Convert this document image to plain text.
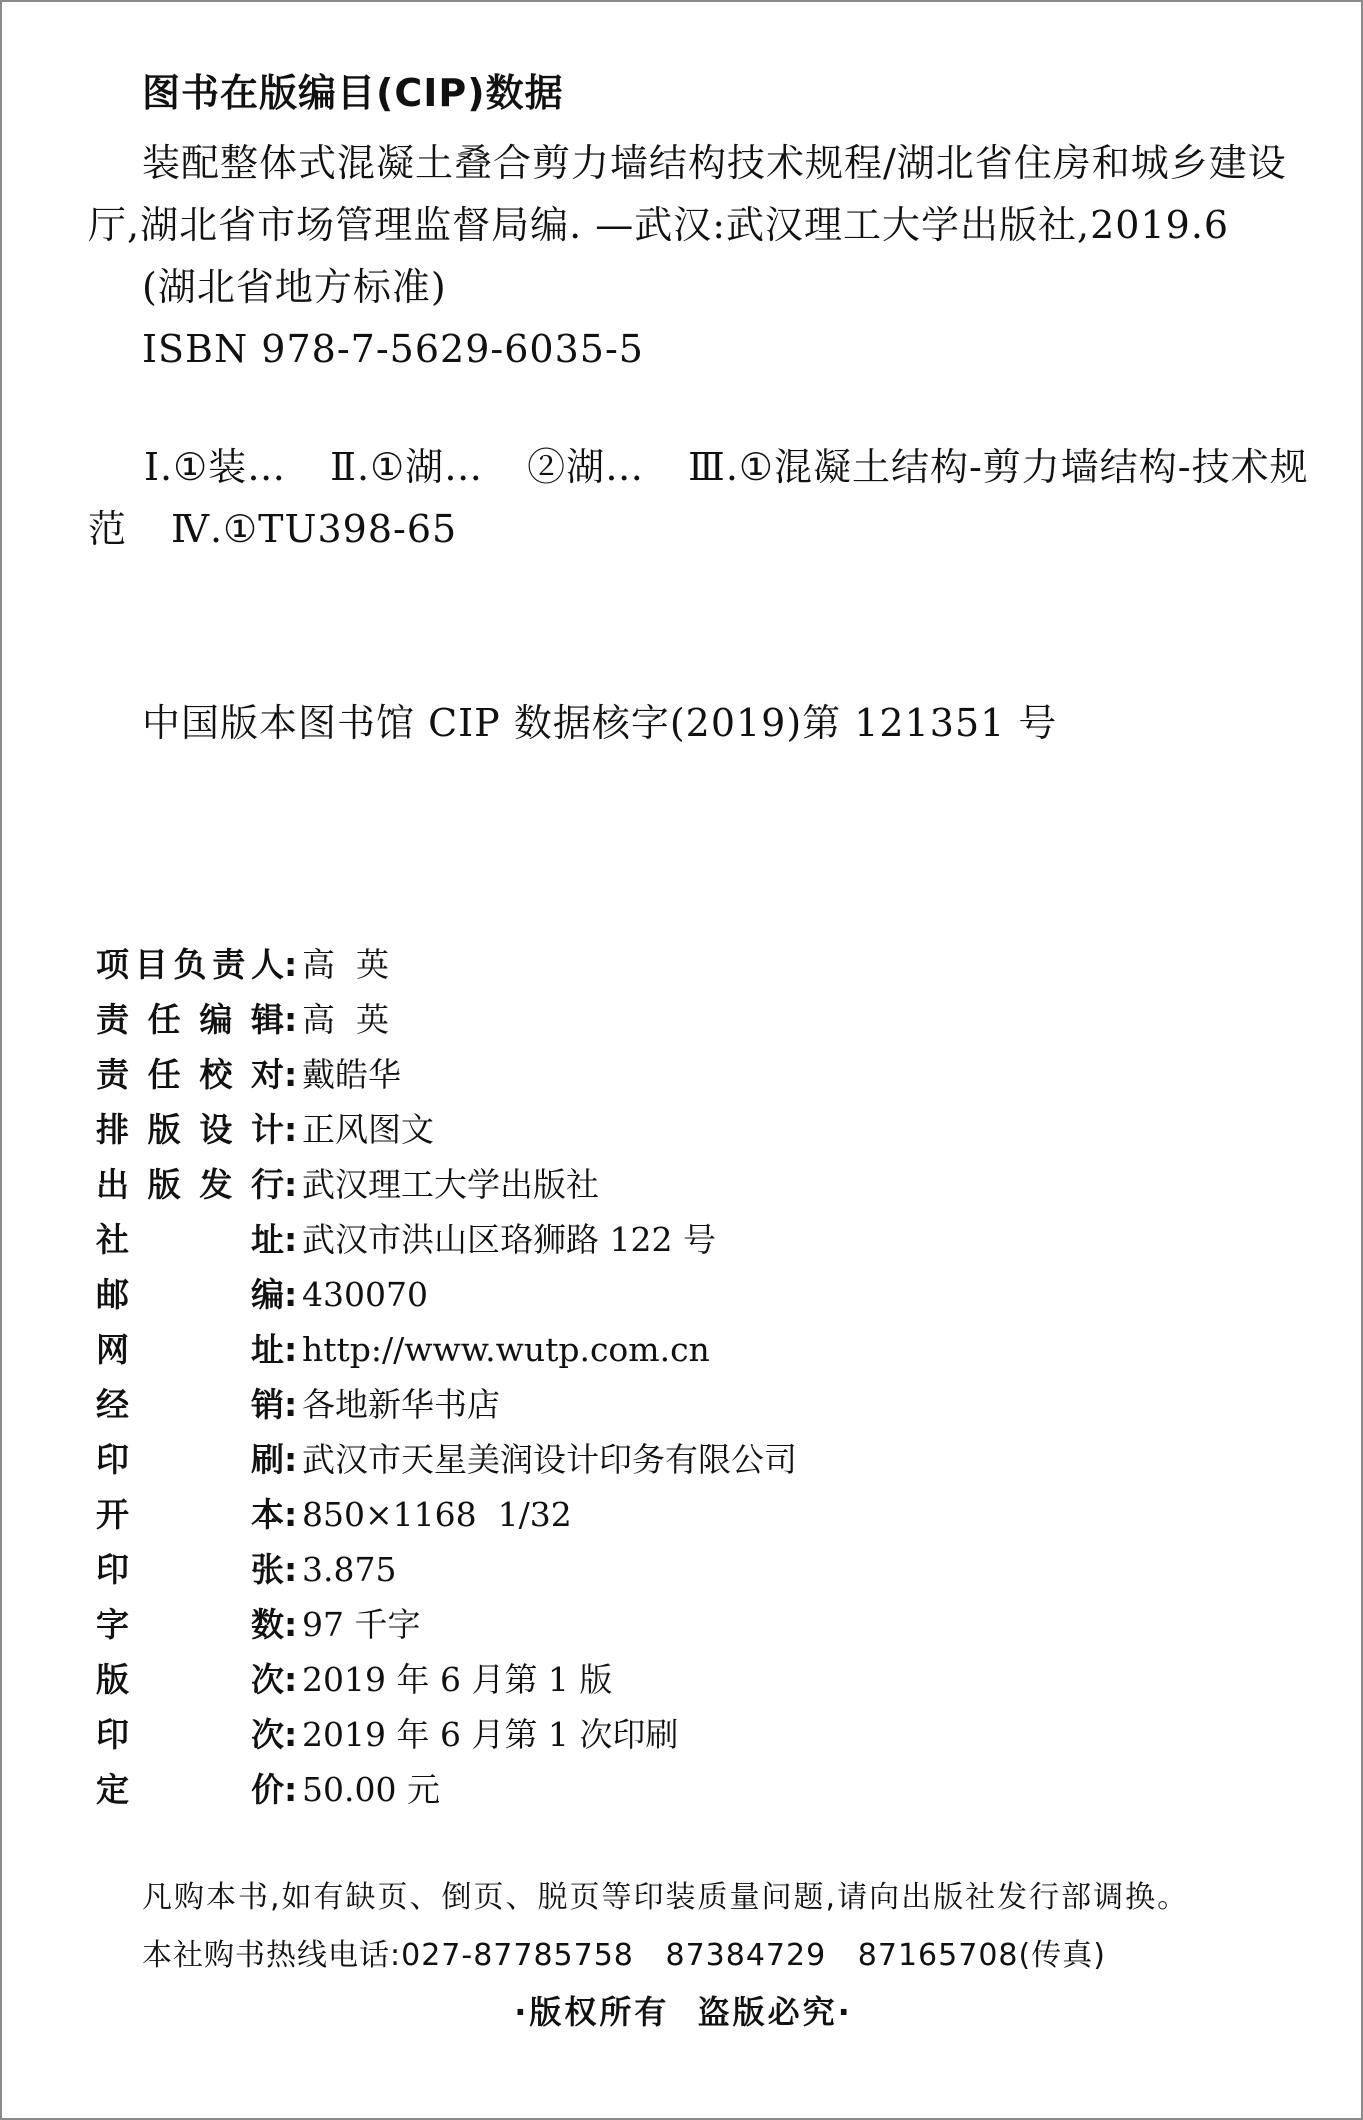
图书在版编目(CIP)数据

装配整体式混凝土叠合剪力墙结构技术规程/湖北省住房和城乡建设厅,湖北省市场管理监督局编. —武汉:武汉理工大学出版社,2019.6

(湖北省地方标准)

ISBN 978-7-5629-6035-5

Ⅰ.①装… Ⅱ.①湖… ②湖… Ⅲ.①混凝土结构-剪力墙结构-技术规范 Ⅳ.①TU398-65

中国版本图书馆 CIP 数据核字(2019)第 121351 号

项 目 负 责 人 : 高  英
责 任 编 辑 : 高  英
责 任 校 对 : 戴皓华
排 版 设 计 : 正风图文
出 版 发 行 : 武汉理工大学出版社
社	址 : 武汉市洪山区珞狮路 122 号
邮	编 : 430070
网	址 : http://www.wutp.com.cn
经	销 : 各地新华书店
印	刷 : 武汉市天星美润设计印务有限公司
开	本 : 850×1168  1/32
印	张 : 3.875
字	数 : 97 千字
版	次 : 2019 年 6 月第 1 版
印	次 : 2019 年 6 月第 1 次印刷
定	价 : 50.00 元

凡购本书,如有缺页、倒页、脱页等印装质量问题,请向出版社发行部调换。

本社购书热线电话:027-87785758   87384729   87165708(传真)

·版权所有  盗版必究·
